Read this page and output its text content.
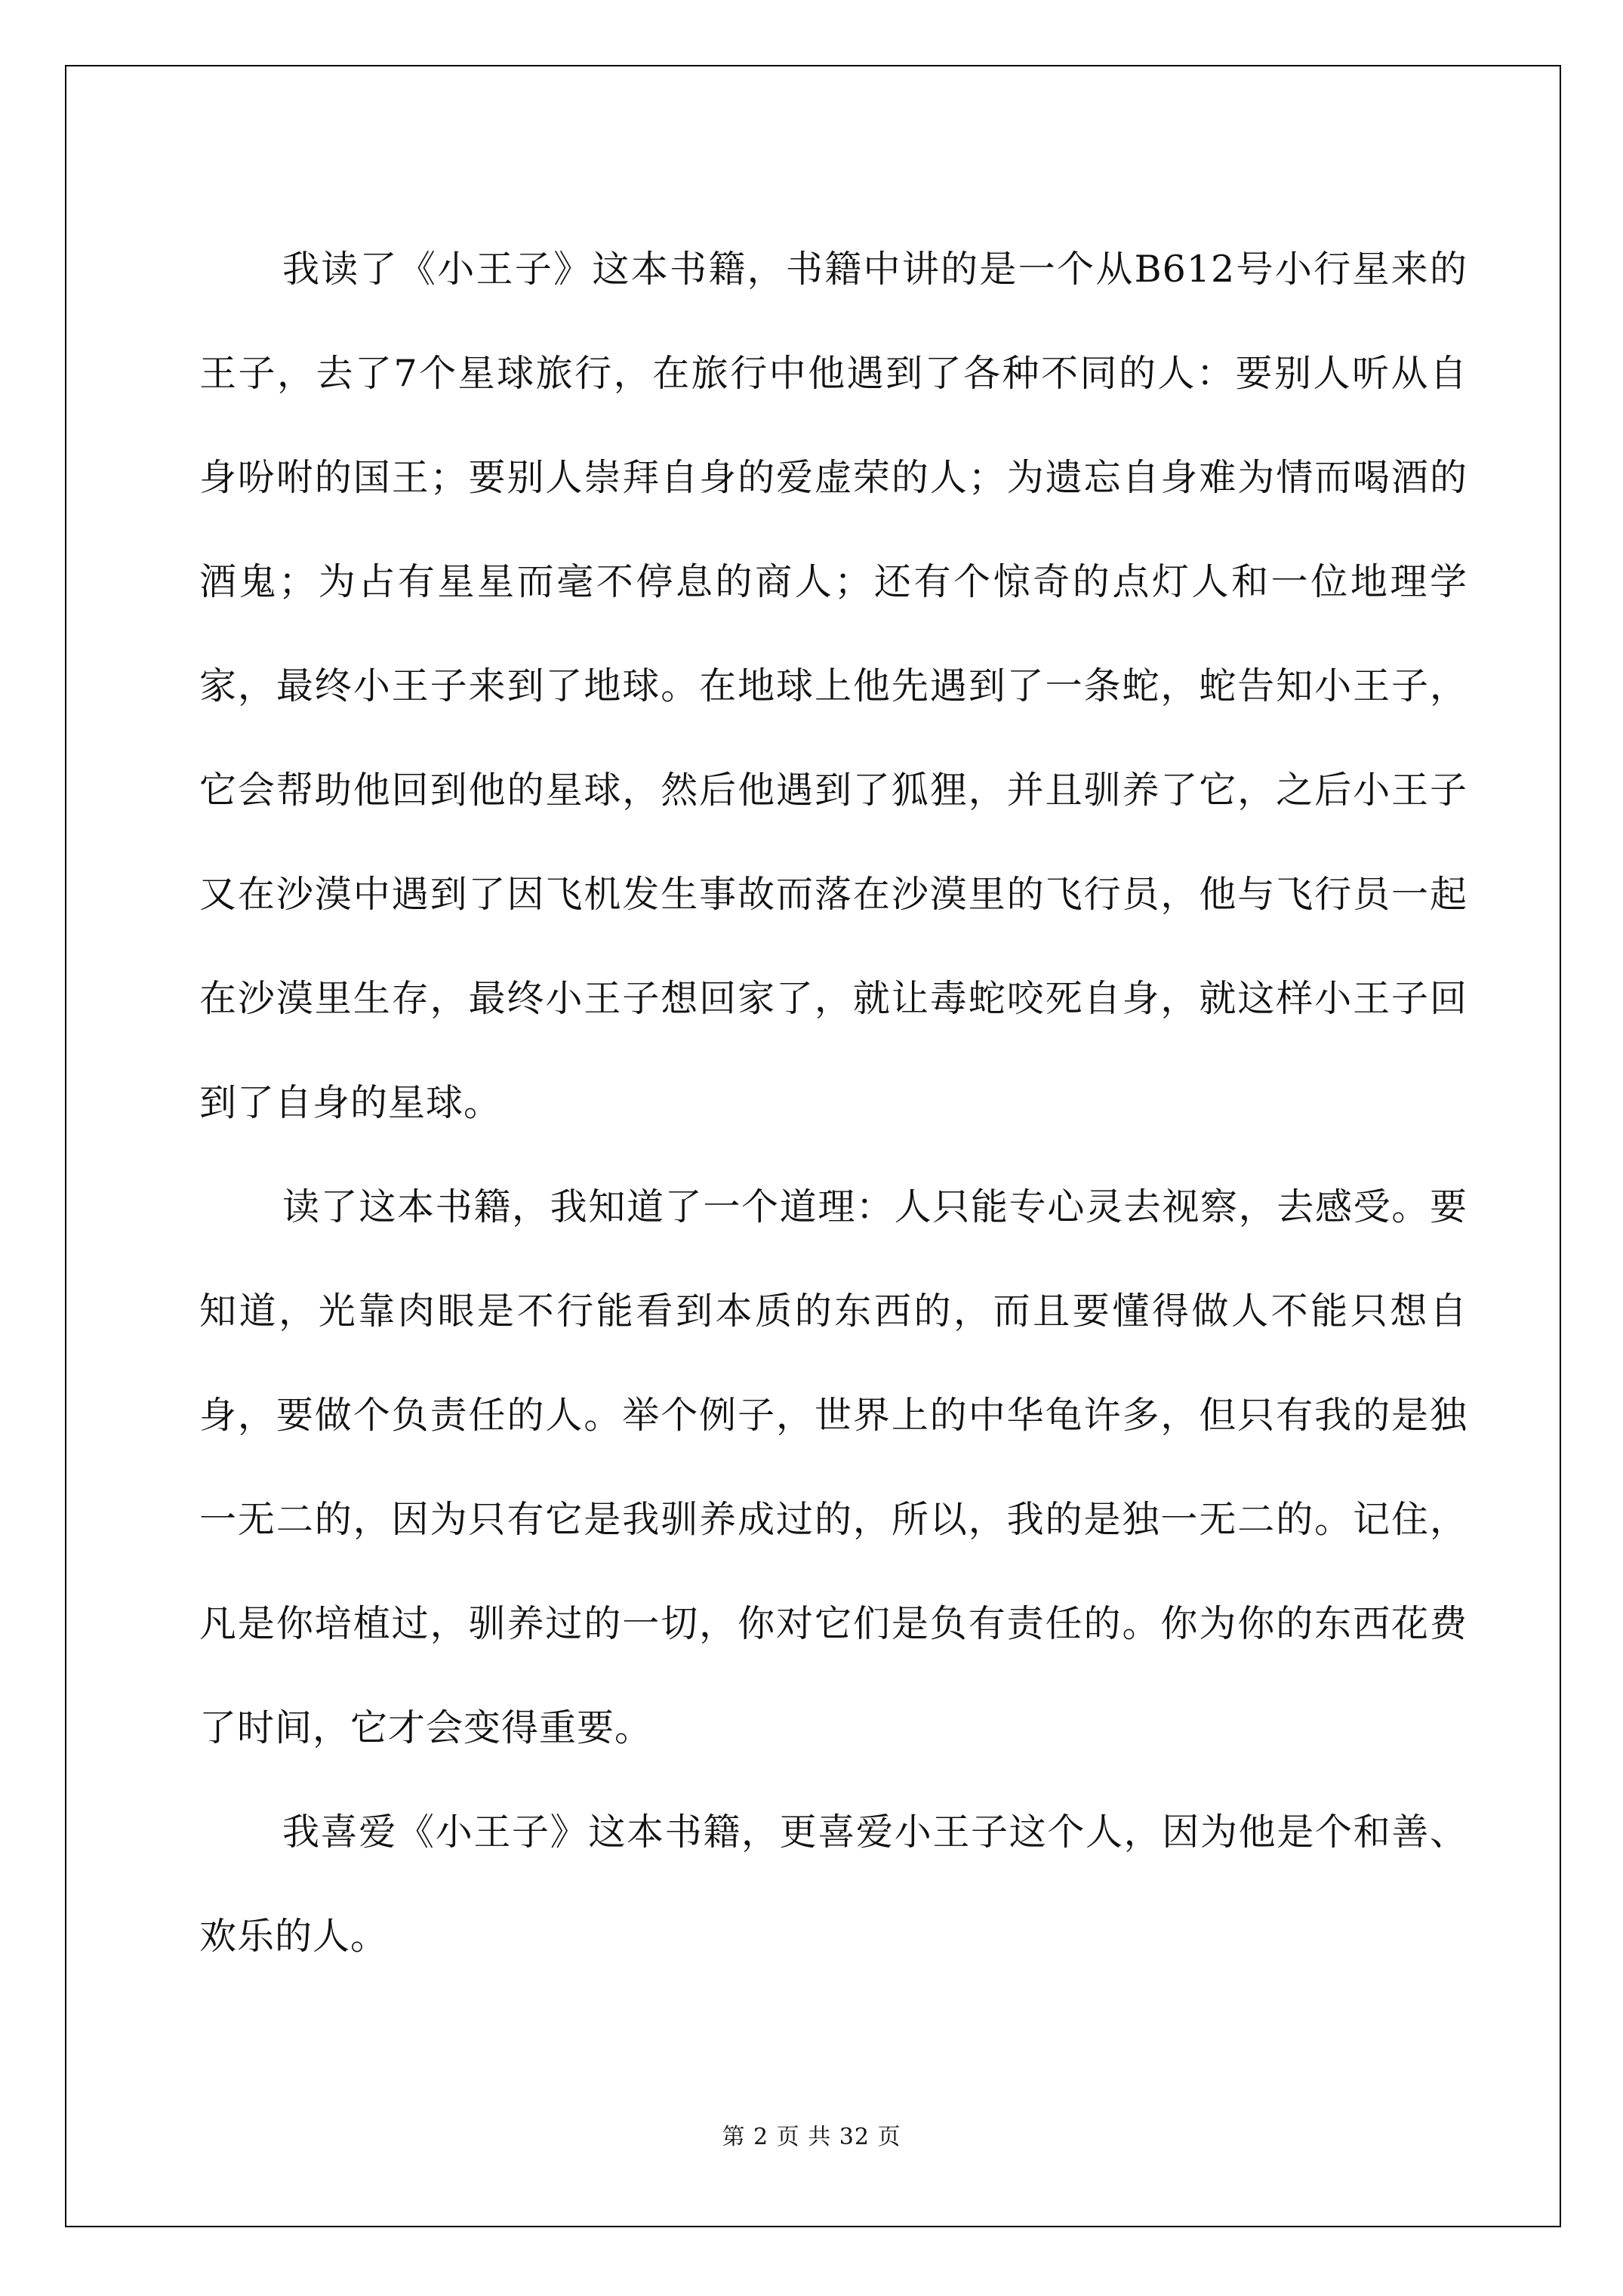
我读了《小王子》这本书籍，书籍中讲的是一个从B612号小行星来的王子，去了7个星球旅行，在旅行中他遇到了各种不同的人：要别人听从自身吩咐的国王；要别人崇拜自身的爱虚荣的人；为遗忘自身难为情而喝酒的酒鬼；为占有星星而毫不停息的商人；还有个惊奇的点灯人和一位地理学家，最终小王子来到了地球。在地球上他先遇到了一条蛇，蛇告知小王子，它会帮助他回到他的星球，然后他遇到了狐狸，并且驯养了它，之后小王子又在沙漠中遇到了因飞机发生事故而落在沙漠里的飞行员，他与飞行员一起在沙漠里生存，最终小王子想回家了，就让毒蛇咬死自身，就这样小王子回到了自身的星球。

读了这本书籍，我知道了一个道理：人只能专心灵去视察，去感受。要知道，光靠肉眼是不行能看到本质的东西的，而且要懂得做人不能只想自身，要做个负责任的人。举个例子，世界上的中华龟许多，但只有我的是独一无二的，因为只有它是我驯养成过的，所以，我的是独一无二的。记住，凡是你培植过，驯养过的一切，你对它们是负有责任的。你为你的东西花费了时间，它才会变得重要。

我喜爱《小王子》这本书籍，更喜爱小王子这个人，因为他是个和善、欢乐的人。

第 2 页 共 32 页
